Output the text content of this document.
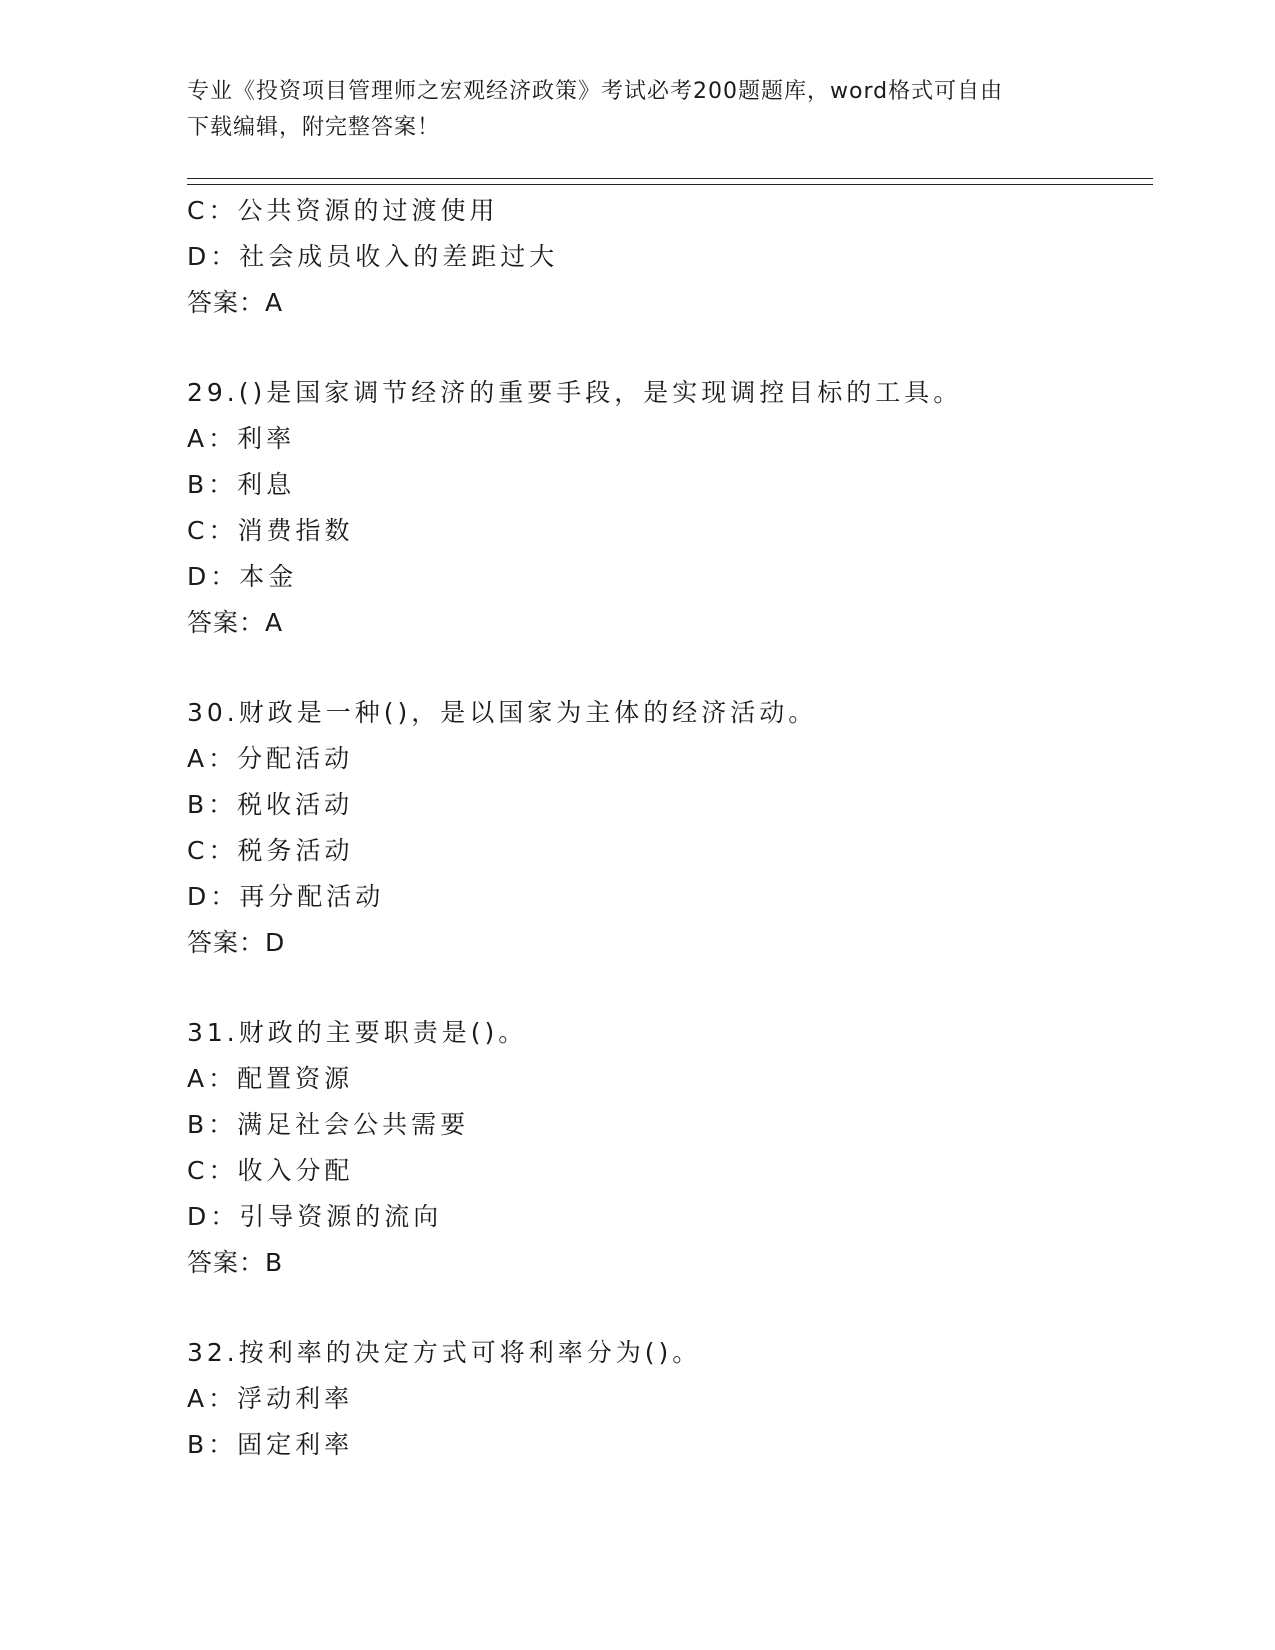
专业《投资项目管理师之宏观经济政策》考试必考200题题库，word格式可自由
下载编辑，附完整答案！
C：公共资源的过渡使用
D：社会成员收入的差距过大
答案：A
29.()是国家调节经济的重要手段，是实现调控目标的工具。
A：利率
B：利息
C：消费指数
D：本金
答案：A
30.财政是一种()，是以国家为主体的经济活动。
A：分配活动
B：税收活动
C：税务活动
D：再分配活动
答案：D
31.财政的主要职责是()。
A：配置资源
B：满足社会公共需要
C：收入分配
D：引导资源的流向
答案：B
32.按利率的决定方式可将利率分为()。
A：浮动利率
B：固定利率
